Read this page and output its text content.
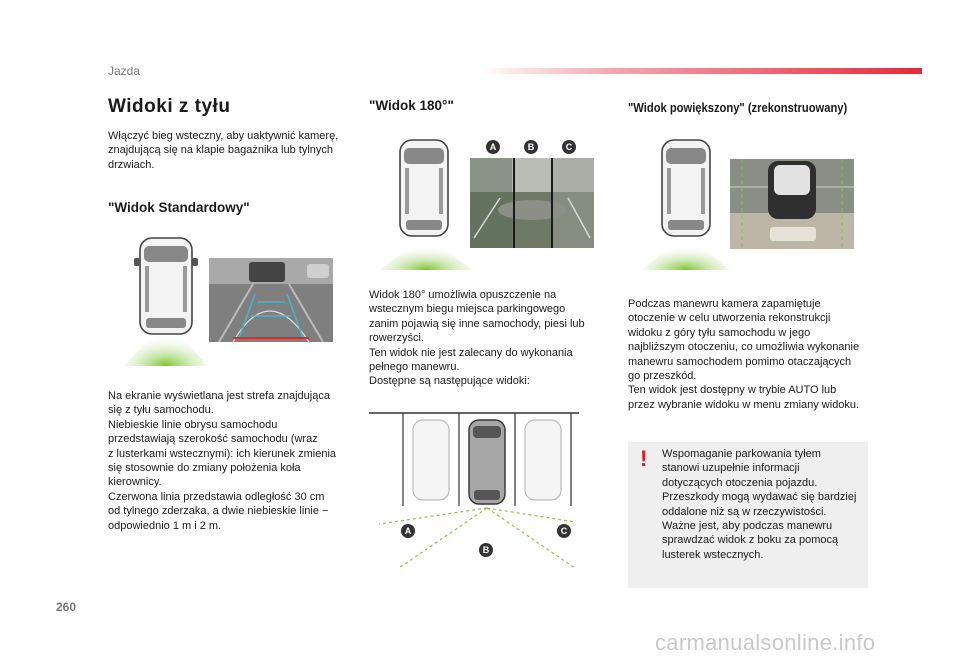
Jazda
Widoki z tyłu
Włączyć bieg wsteczny, aby uaktywnić kamerę,
znajdującą się na klapie bagażnika lub tylnych
drzwiach.
"Widok Standardowy"
Na ekranie wyświetlana jest strefa znajdująca
się z tyłu samochodu.
Niebieskie linie obrysu samochodu
przedstawiają szerokość samochodu (wraz
z lusterkami wstecznymi): ich kierunek zmienia
się stosownie do zmiany położenia koła
kierownicy.
Czerwona linia przedstawia odległość 30 cm
od tylnego zderzaka, a dwie niebieskie linie −
odpowiednio 1 m i 2 m.
"Widok 180°"
A	B	C
Widok 180° umożliwia opuszczenie na
wstecznym biegu miejsca parkingowego
zanim pojawią się inne samochody, piesi lub
rowerzyści.
Ten widok nie jest zalecany do wykonania
pełnego manewru.
Dostępne są następujące widoki:
A
B
C
"Widok powiększony" (zrekonstruowany)
Podczas manewru kamera zapamiętuje
otoczenie w celu utworzenia rekonstrukcji
widoku z góry tyłu samochodu w jego
najbliższym otoczeniu, co umożliwia wykonanie
manewru samochodem pomimo otaczających
go przeszkód.
Ten widok jest dostępny w trybie AUTO lub
przez wybranie widoku w menu zmiany widoku.
! Wspomaganie parkowania tyłem
stanowi uzupełnie informacji
dotyczących otoczenia pojazdu.
Przeszkody mogą wydawać się bardziej
oddalone niż są w rzeczywistości.
Ważne jest, aby podczas manewru
sprawdzać widok z boku za pomocą
lusterek wstecznych.
260
carmanualsonline.info
